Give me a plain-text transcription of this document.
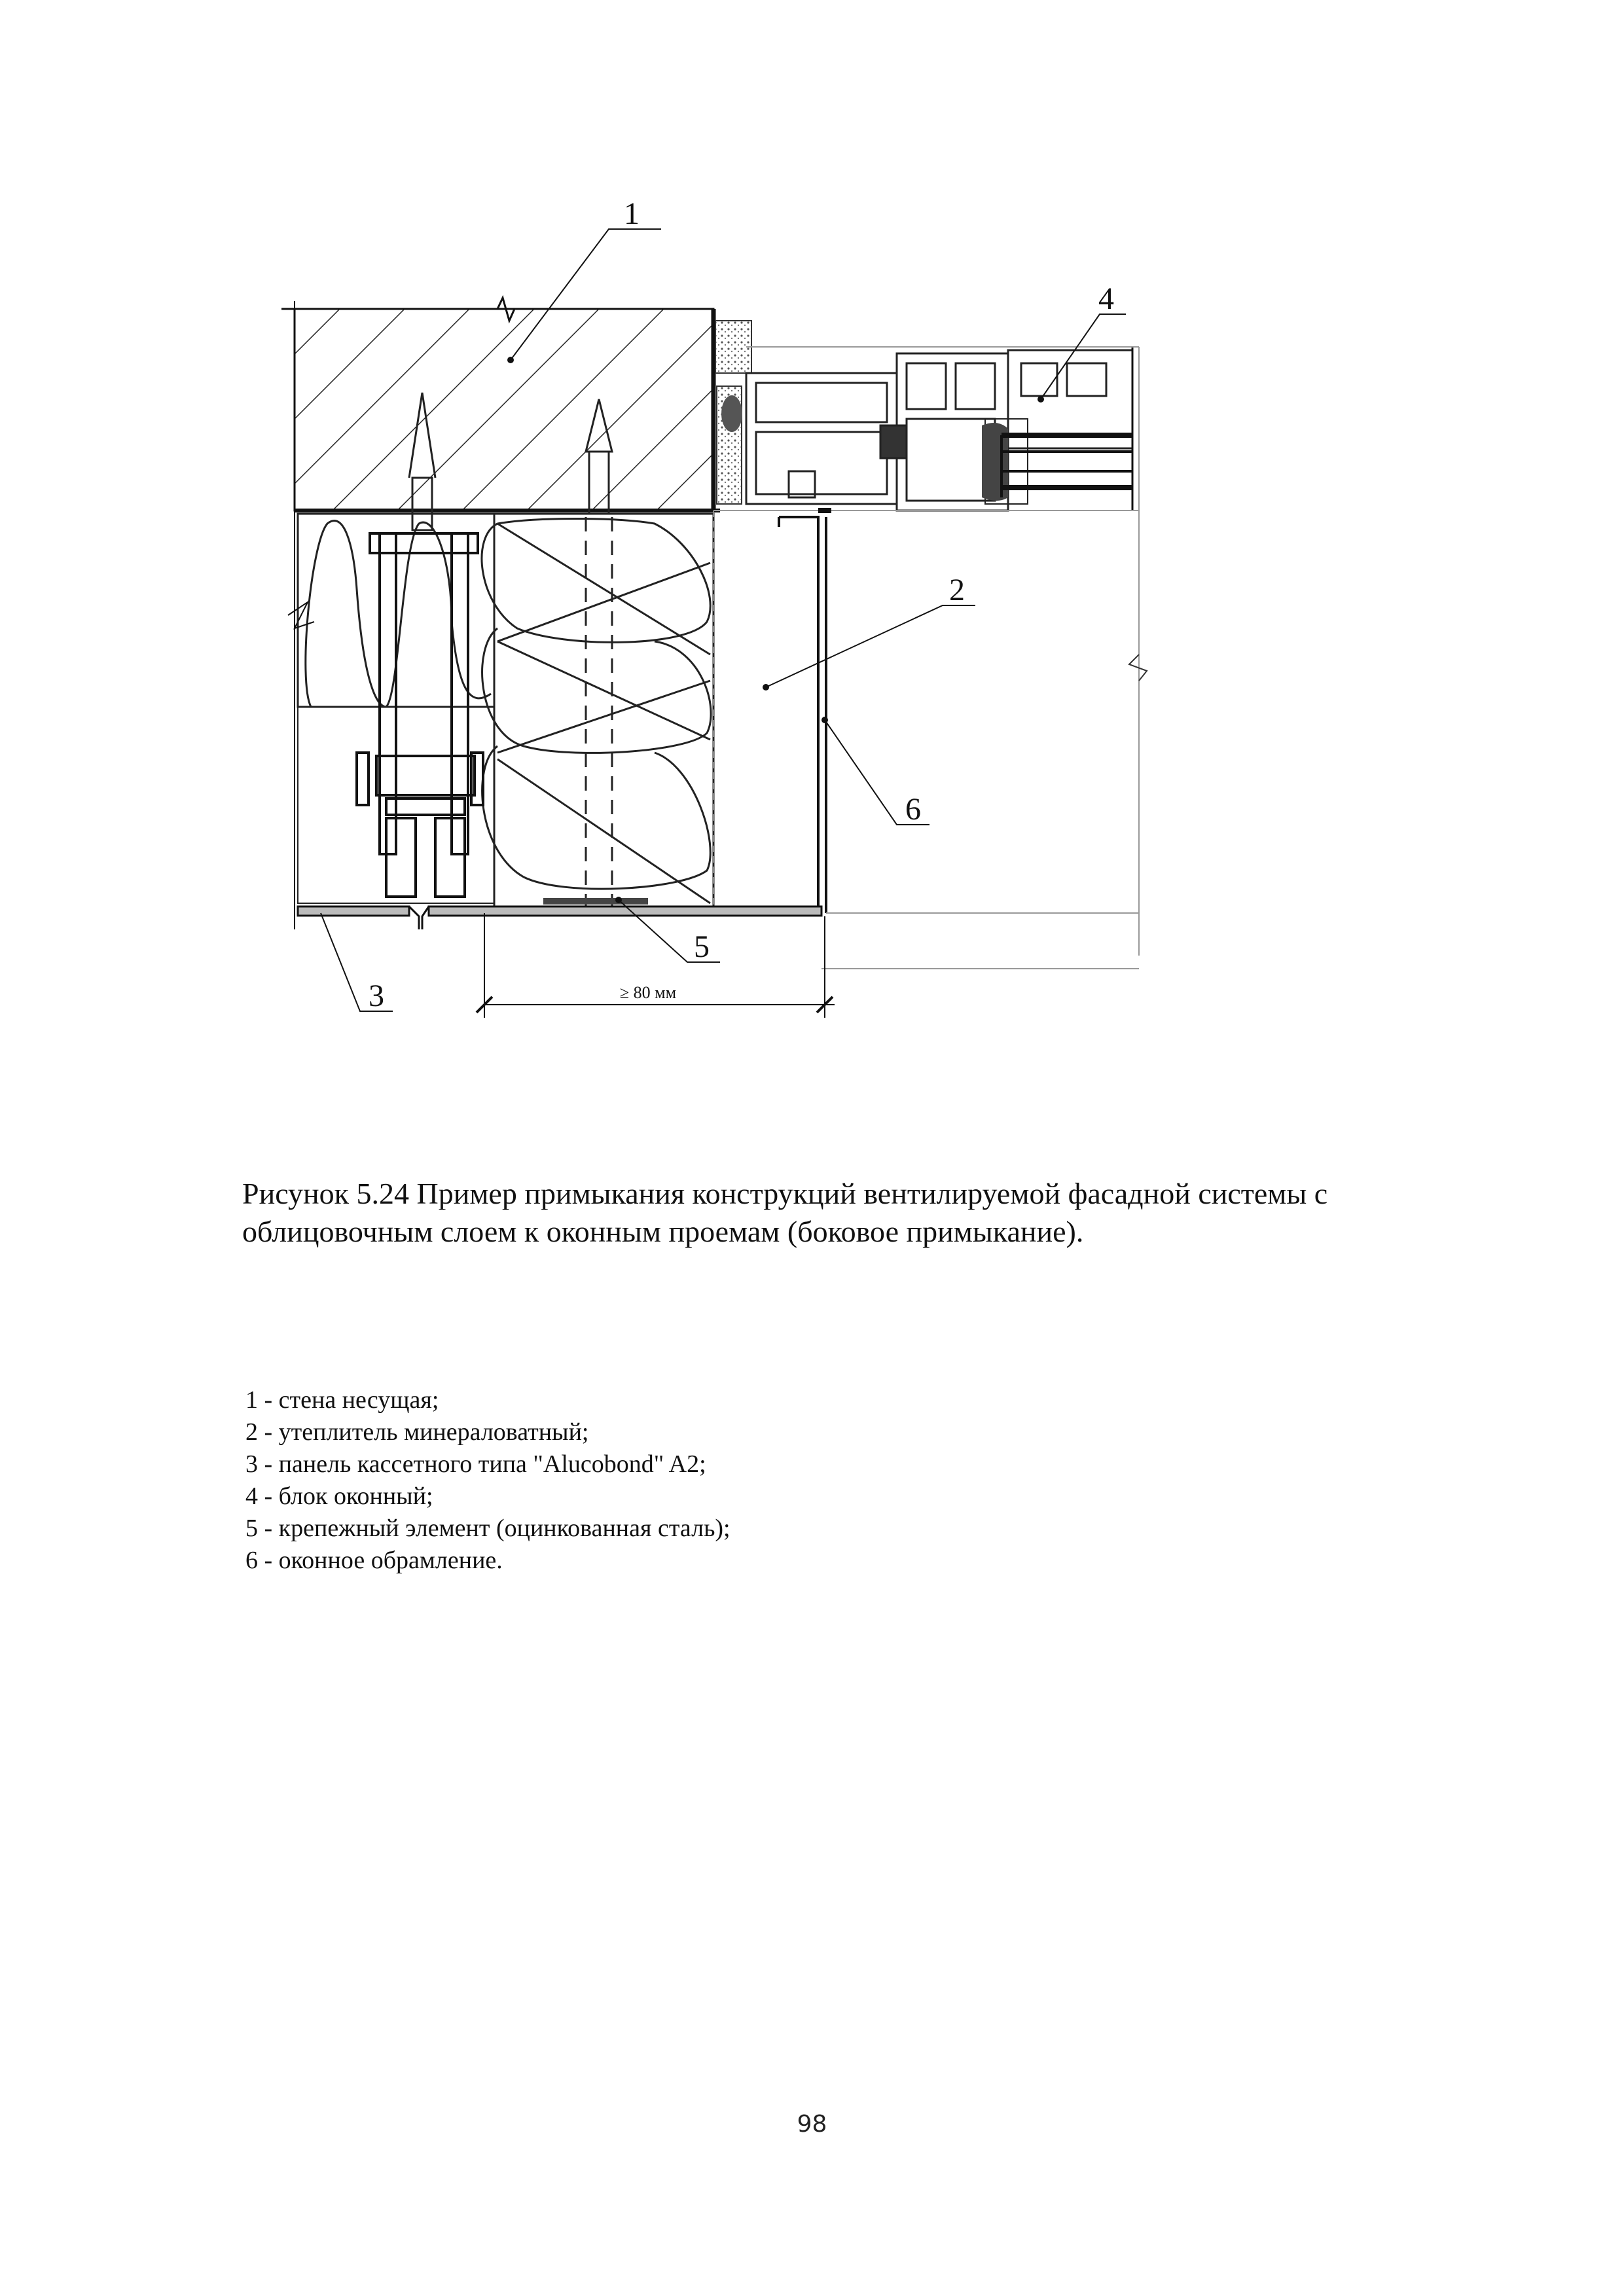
≥ 80 мм
1
4
2
6
5
3
Рисунок 5.24 Пример примыкания конструкций вентилируемой фасадной системы с
облицовочным слоем к оконным проемам (боковое примыкание).
1 - стена несущая;
2 - утеплитель минераловатный;
3 - панель кассетного типа "Alucobond" A2;
4 - блок оконный;
5 - крепежный элемент (оцинкованная сталь);
6 - оконное обрамление.
98
